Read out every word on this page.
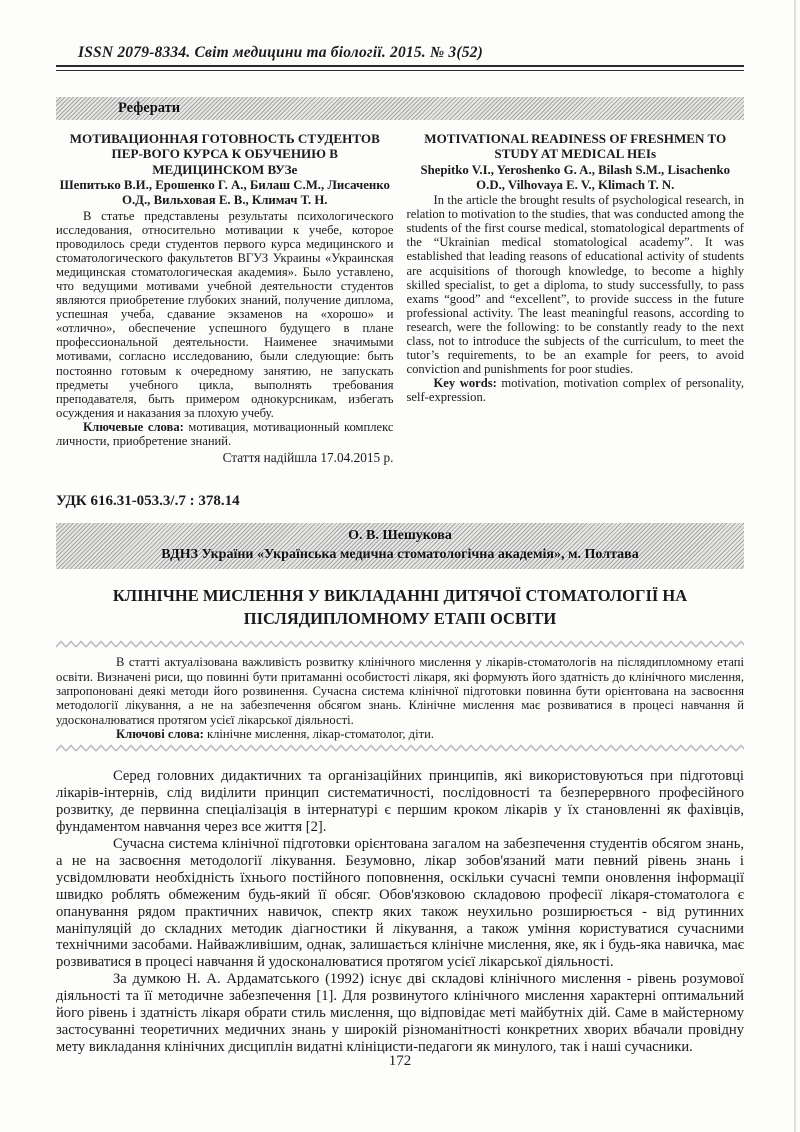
ISSN 2079-8334. Світ медицини та біології. 2015. № 3(52)
Реферати
МОТИВАЦИОННАЯ ГОТОВНОСТЬ СТУДЕНТОВ ПЕР-ВОГО КУРСА К ОБУЧЕНИЮ В МЕДИЦИНСКОМ ВУЗе
Шепитько В.И., Ерошенко Г. А., Билаш С.М., Лисаченко О.Д., Вильховая Е. В., Климач Т. Н.

В статье представлены результаты психологического исследования, относительно мотивации к учебе, которое проводилось среди студентов первого курса медицинского и стоматологического факультетов ВГУЗ Украины «Украинская медицинская стоматологическая академия». Было уставлено, что ведущими мотивами учебной деятельности студентов являются приобретение глубоких знаний, получение диплома, успешная учеба, сдавание экзаменов на «хорошо» и «отлично», обеспечение успешного будущего в плане профессиональной деятельности. Наименее значимыми мотивами, согласно исследованию, были следующие: быть постоянно готовым к очередному занятию, не запускать предметы учебного цикла, выполнять требования преподавателя, быть примером однокурсникам, избегать осуждения и наказания за плохую учебу.

Ключевые слова: мотивация, мотивационный комплекс личности, приобретение знаний.

Стаття надійшла 17.04.2015 р.

MOTIVATIONAL READINESS OF FRESHMEN TO STUDY AT MEDICAL HEIs
Shepitko V.I., Yeroshenko G. A., Bilash S.M., Lisachenko O.D., Vilhovaya E. V., Klimach T. N.

In the article the brought results of psychological research, in relation to motivation to the studies, that was conducted among the students of the first course medical, stomatological departments of the “Ukrainian medical stomatological academy”. It was established that leading reasons of educational activity of students are acquisitions of thorough knowledge, to become a highly skilled specialist, to get a diploma, to study successfully, to pass exams “good” and “excellent”, to provide success in the future professional activity. The least meaningful reasons, according to research, were the following: to be constantly ready to the next class, not to introduce the subjects of the curriculum, to meet the tutor’s requirements, to be an example for peers, to avoid conviction and punishments for poor studies.

Key words: motivation, motivation complex of personality, self-expression.

УДК 616.31-053.3/.7 : 378.14
О. В. Шешукова
ВДНЗ України «Українська медична стоматологічна академія», м. Полтава
КЛІНІЧНЕ МИСЛЕННЯ У ВИКЛАДАННІ ДИТЯЧОЇ СТОМАТОЛОГІЇ НА ПІСЛЯДИПЛОМНОМУ ЕТАПІ ОСВІТИ

В статті актуалізована важливість розвитку клінічного мислення у лікарів-стоматологів на післядипломному етапі освіти. Визначені риси, що повинні бути притаманні особистості лікаря, які формують його здатність до клінічного мислення, запропоновані деякі методи його розвинення. Сучасна система клінічної підготовки повинна бути орієнтована на засвоєння методології лікування, а не на забезпечення обсягом знань. Клінічне мислення має розвиватися в процесі навчання й удосконалюватися протягом усієї лікарської діяльності.

Ключові слова: клінічне мислення, лікар-стоматолог, діти.

Серед головних дидактичних та організаційних принципів, які використовуються при підготовці лікарів-інтернів, слід виділити принцип систематичності, послідовності та безперервного професійного розвитку, де первинна спеціалізація в інтернатурі є першим кроком лікарів у їх становленні як фахівців, фундаментом навчання через все життя [2].

Сучасна система клінічної підготовки орієнтована загалом на забезпечення студентів обсягом знань, а не на засвоєння методології лікування. Безумовно, лікар зобов'язаний мати певний рівень знань і усвідомлювати необхідність їхнього постійного поповнення, оскільки сучасні темпи оновлення інформації швидко роблять обмеженим будь-який її обсяг. Обов'язковою складовою професії лікаря-стоматолога є опанування рядом практичних навичок, спектр яких також неухильно розширюється - від рутинних маніпуляцій до складних методик діагностики й лікування, а також уміння користуватися сучасними технічними засобами. Найважливішим, однак, залишається клінічне мислення, яке, як і будь-яка навичка, має розвиватися в процесі навчання й удосконалюватися протягом усієї лікарської діяльності.

За думкою Н. А. Ардаматського (1992) існує дві складові клінічного мислення - рівень розумової діяльності та її методичне забезпечення [1]. Для розвинутого клінічного мислення характерні оптимальний його рівень і здатність лікаря обрати стиль мислення, що відповідає меті майбутніх дій. Саме в майстерному застосуванні теоретичних медичних знань у широкій різноманітності конкретних хворих вбачали провідну мету викладання клінічних дисциплін видатні клініцисти-педагоги як минулого, так і наші сучасники.

172
